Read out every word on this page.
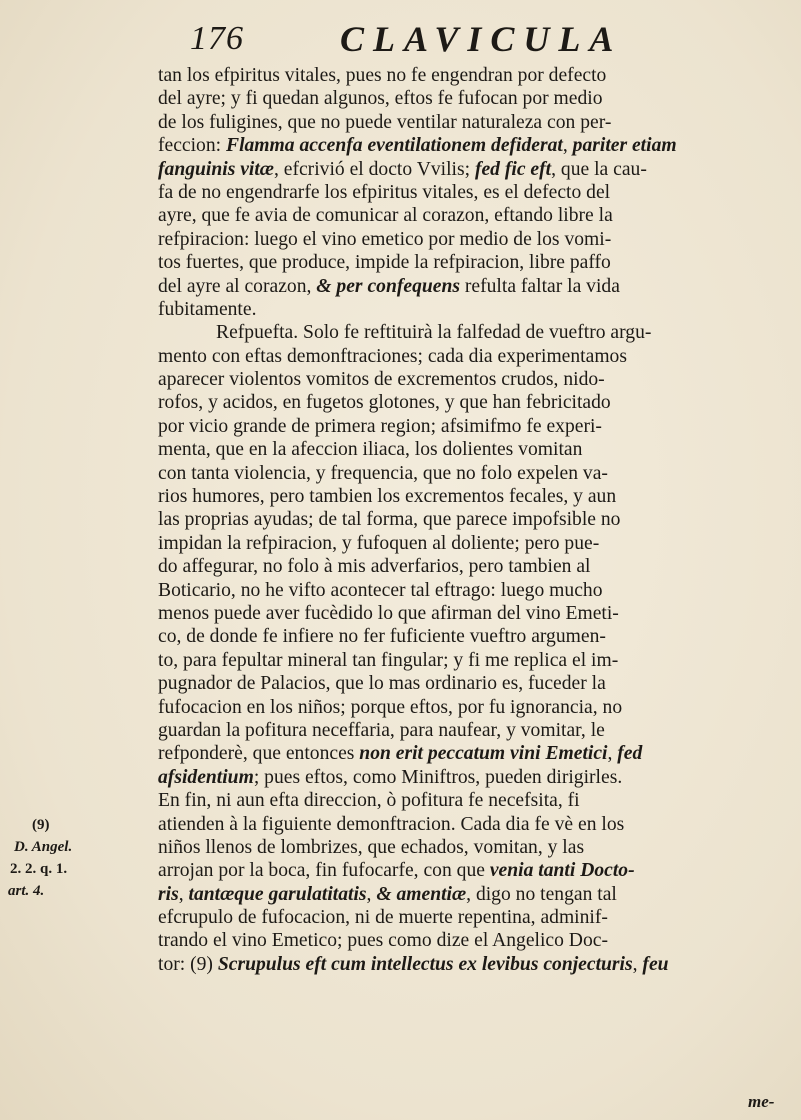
176	CLAVICULA
tan los efpiritus vitales, pues no fe engendran por defecto
del ayre; y fi quedan algunos, eftos fe fufocan por medio
de los fuligines, que no puede ventilar naturaleza con per-
feccion: Flamma accenfa eventilationem defiderat, pariter etiam
fanguinis vitæ, efcrivió el docto Vvilis; fed fic eft, que la cau-
fa de no engendrarfe los efpiritus vitales, es el defecto del
ayre, que fe avia de comunicar al corazon, eftando libre la
refpiracion: luego el vino emetico por medio de los vomi-
tos fuertes, que produce, impide la refpiracion, libre paffo
del ayre al corazon, & per confequens refulta faltar la vida
fubitamente.
Refpuefta. Solo fe reftituirà la falfedad de vueftro argu-
mento con eftas demonftraciones; cada dia experimentamos
aparecer violentos vomitos de excrementos crudos, nido-
rofos, y acidos, en fugetos glotones, y que han febricitado
por vicio grande de primera region; afsimifmo fe experi-
menta, que en la afeccion iliaca, los dolientes vomitan
con tanta violencia, y frequencia, que no folo expelen va-
rios humores, pero tambien los excrementos fecales, y aun
las proprias ayudas; de tal forma, que parece impofsible no
impidan la refpiracion, y fufoquen al doliente; pero pue-
do affegurar, no folo à mis adverfarios, pero tambien al
Boticario, no he vifto acontecer tal eftrago: luego mucho
menos puede aver fucèdido lo que afirman del vino Emeti-
co, de donde fe infiere no fer fuficiente vueftro argumen-
to, para fepultar mineral tan fingular; y fi me replica el im-
pugnador de Palacios, que lo mas ordinario es, fuceder la
fufocacion en los niños; porque eftos, por fu ignorancia, no
guardan la pofitura neceffaria, para naufear, y vomitar, le
refponderè, que entonces non erit peccatum vini Emetici, fed
afsidentium; pues eftos, como Miniftros, pueden dirigirles.
En fin, ni aun efta direccion, ò pofitura fe necefsita, fi
atienden à la figuiente demonftracion. Cada dia fe vè en los
niños llenos de lombrizes, que echados, vomitan, y las
arrojan por la boca, fin fufocarfe, con que venia tanti Docto-
ris, tantæque garulatitatis, & amentiæ, digo no tengan tal
efcrupulo de fufocacion, ni de muerte repentina, adminif-
trando el vino Emetico; pues como dize el Angelico Doc-
tor: (9) Scrupulus eft cum intellectus ex levibus conjecturis, feu
(9)
D. Angel.
2. 2. q. 1.
art. 4.
me-
